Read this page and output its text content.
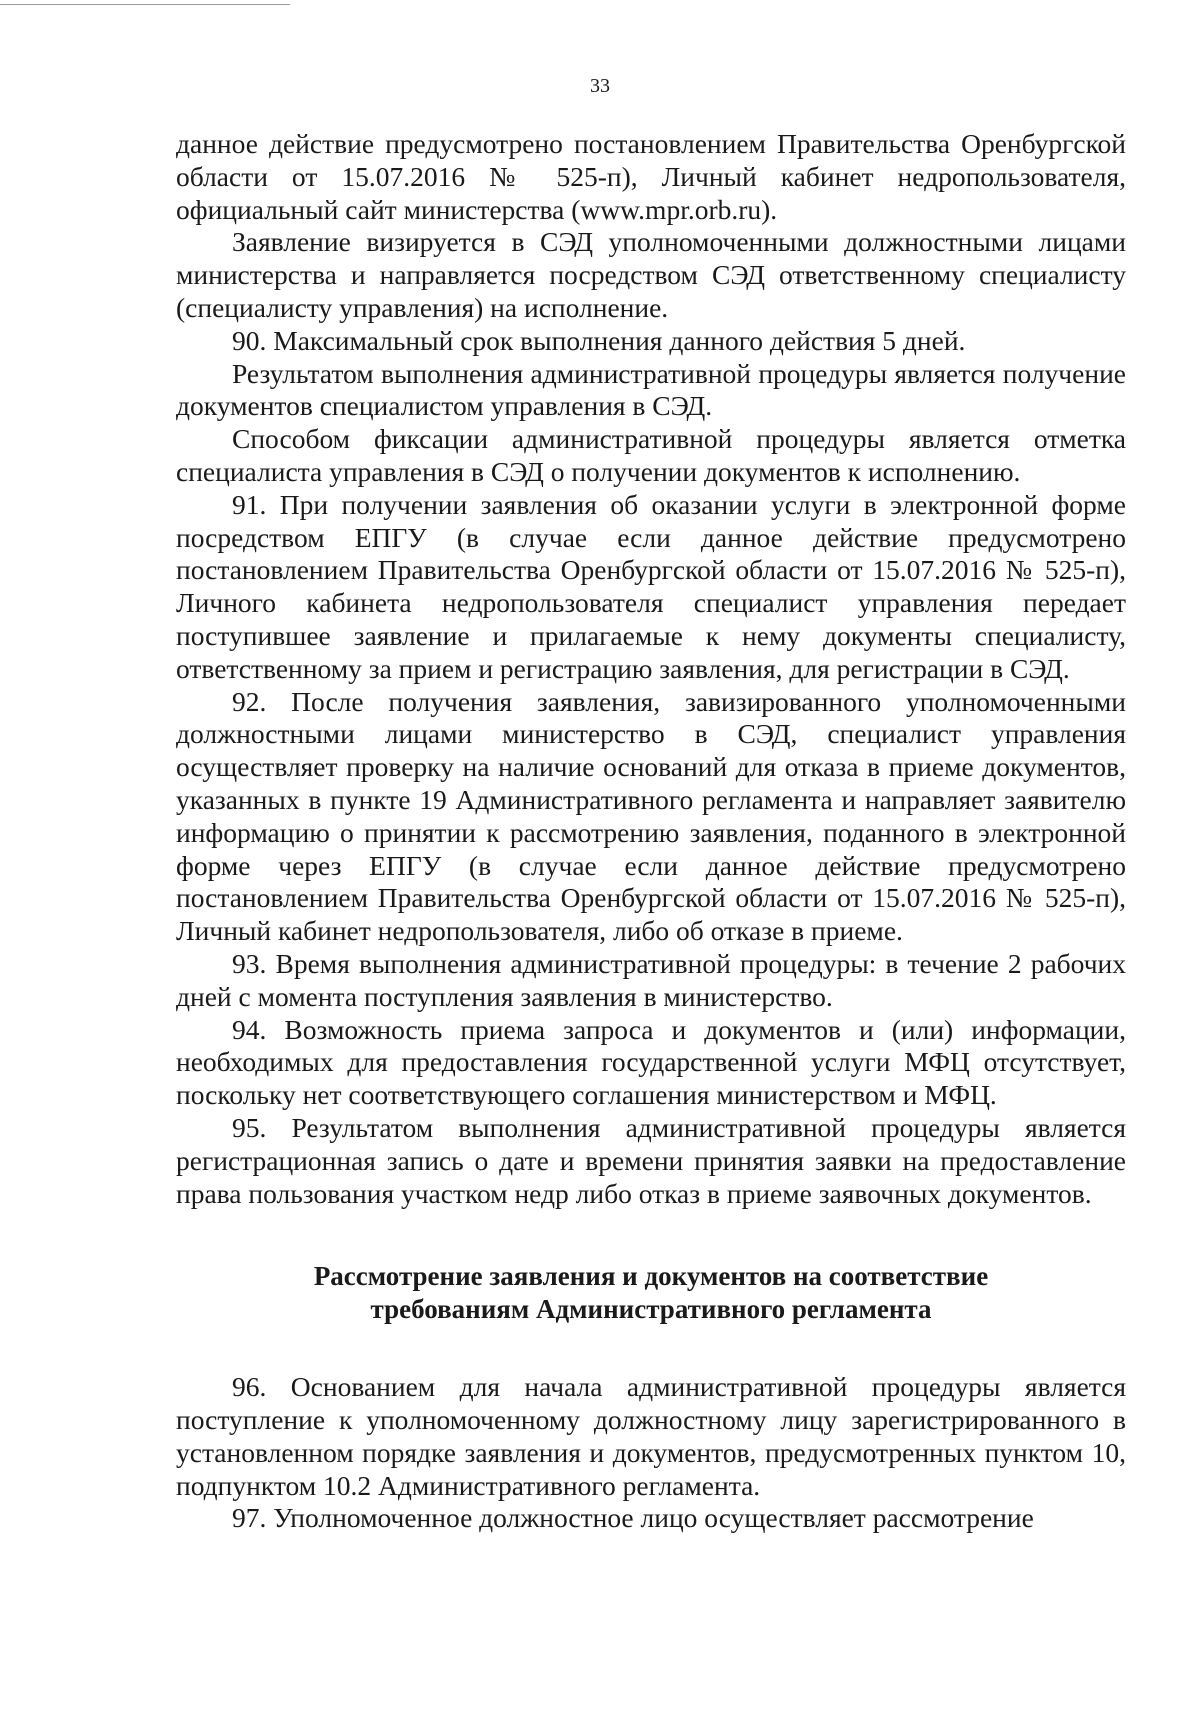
33

данное действие предусмотрено постановлением Правительства Оренбургской области от 15.07.2016 № 525-п), Личный кабинет недропользователя, официальный сайт министерства (www.mpr.orb.ru).

Заявление визируется в СЭД уполномоченными должностными лицами министерства и направляется посредством СЭД ответственному специалисту (специалисту управления) на исполнение.

90. Максимальный срок выполнения данного действия 5 дней.

Результатом выполнения административной процедуры является получение документов специалистом управления в СЭД.

Способом фиксации административной процедуры является отметка специалиста управления в СЭД о получении документов к исполнению.

91. При получении заявления об оказании услуги в электронной форме посредством ЕПГУ (в случае если данное действие предусмотрено постановлением Правительства Оренбургской области от 15.07.2016 № 525-п), Личного кабинета недропользователя специалист управления передает поступившее заявление и прилагаемые к нему документы специалисту, ответственному за прием и регистрацию заявления, для регистрации в СЭД.

92. После получения заявления, завизированного уполномоченными должностными лицами министерство в СЭД, специалист управления осуществляет проверку на наличие оснований для отказа в приеме документов, указанных в пункте 19 Административного регламента и направляет заявителю информацию о принятии к рассмотрению заявления, поданного в электронной форме через ЕПГУ (в случае если данное действие предусмотрено постановлением Правительства Оренбургской области от 15.07.2016 № 525-п), Личный кабинет недропользователя, либо об отказе в приеме.

93. Время выполнения административной процедуры: в течение 2 рабочих дней с момента поступления заявления в министерство.

94. Возможность приема запроса и документов и (или) информации, необходимых для предоставления государственной услуги МФЦ отсутствует, поскольку нет соответствующего соглашения министерством и МФЦ.

95. Результатом выполнения административной процедуры является регистрационная запись о дате и времени принятия заявки на предоставление права пользования участком недр либо отказ в приеме заявочных документов.

Рассмотрение заявления и документов на соответствие
требованиям Административного регламента

96. Основанием для начала административной процедуры является поступление к уполномоченному должностному лицу зарегистрированного в установленном порядке заявления и документов, предусмотренных пунктом 10, подпунктом 10.2 Административного регламента.

97. Уполномоченное должностное лицо осуществляет рассмотрение
